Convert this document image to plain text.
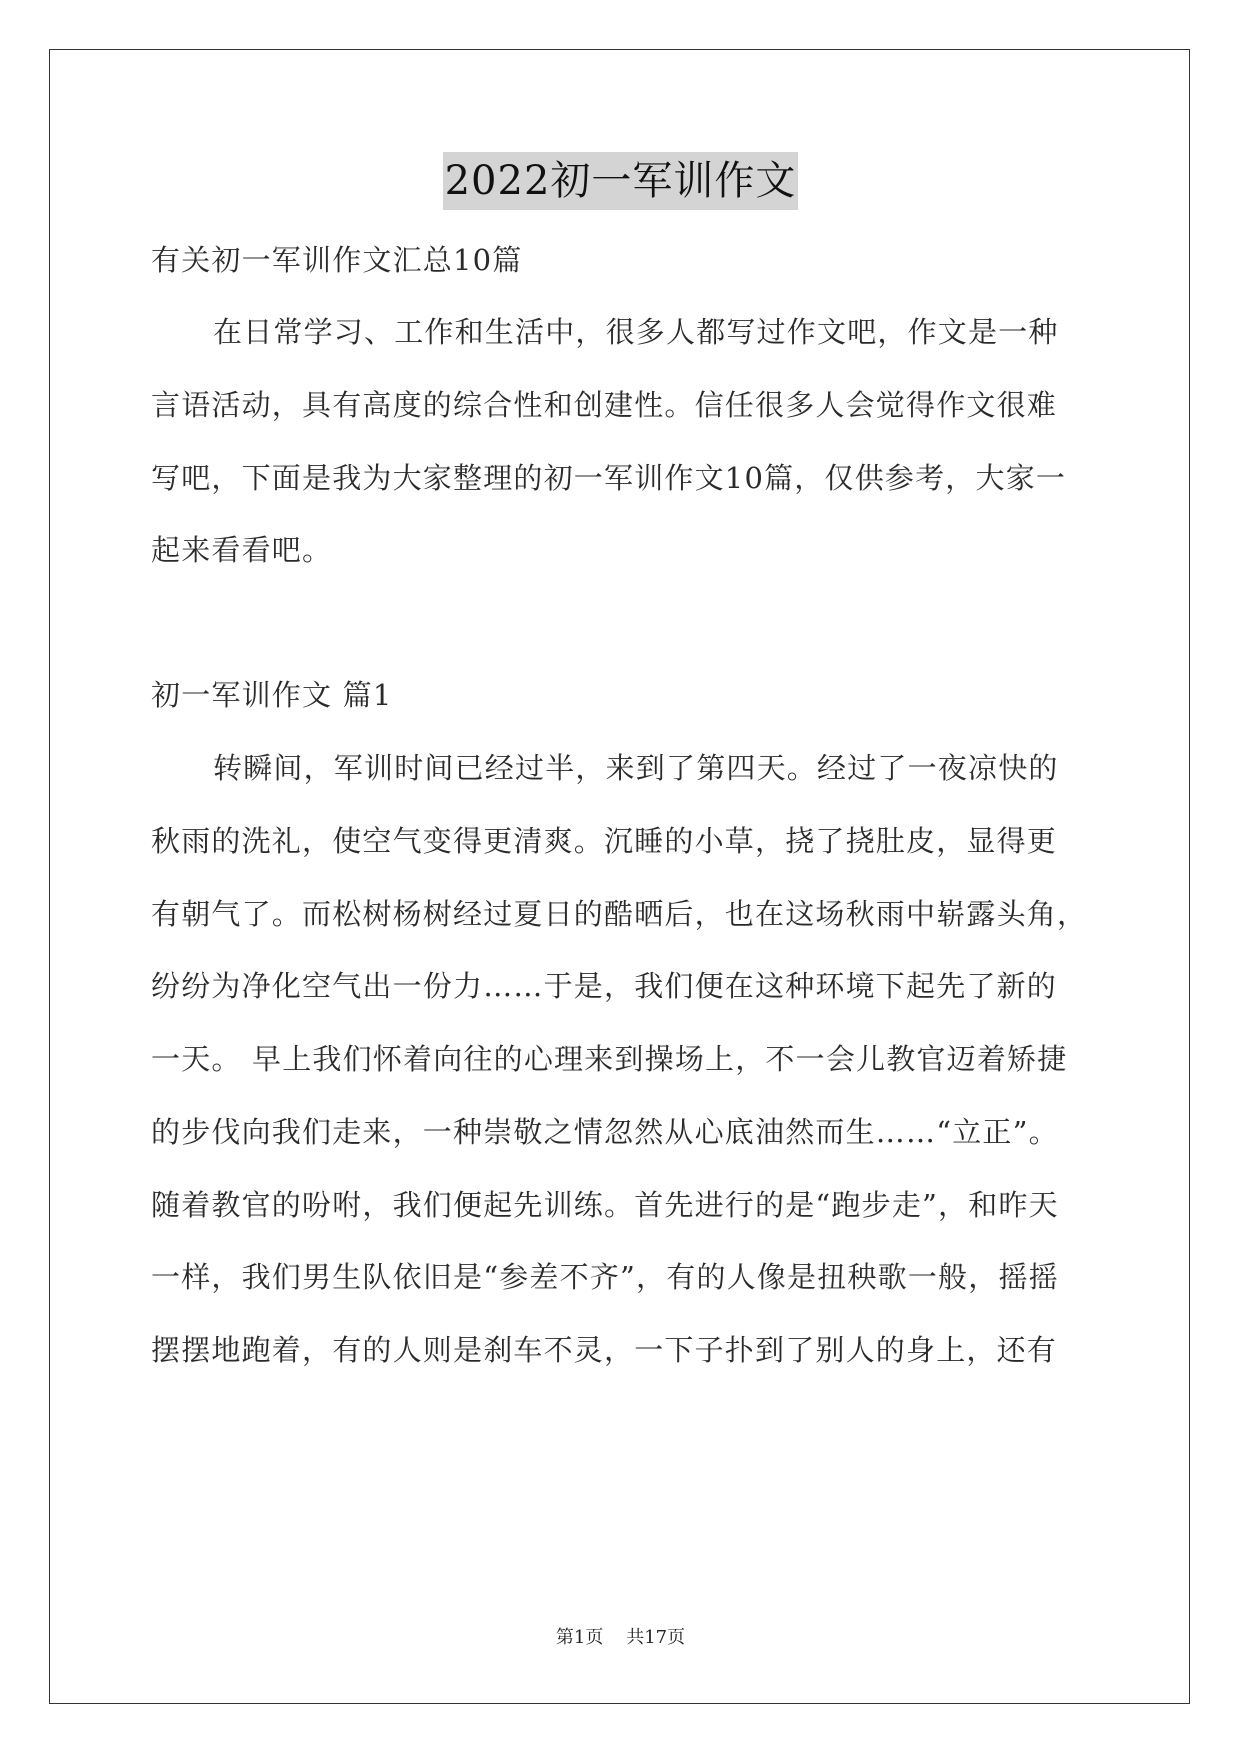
2022初一军训作文
有关初一军训作文汇总10篇
在日常学习、工作和生活中，很多人都写过作文吧，作文是一种
言语活动，具有高度的综合性和创建性。信任很多人会觉得作文很难
写吧，下面是我为大家整理的初一军训作文10篇，仅供参考，大家一
起来看看吧。
初一军训作文 篇1
转瞬间，军训时间已经过半，来到了第四天。经过了一夜凉快的
秋雨的洗礼，使空气变得更清爽。沉睡的小草，挠了挠肚皮，显得更
有朝气了。而松树杨树经过夏日的酷晒后，也在这场秋雨中崭露头角，
纷纷为净化空气出一份力……于是，我们便在这种环境下起先了新的
一天。 早上我们怀着向往的心理来到操场上，不一会儿教官迈着矫捷
的步伐向我们走来，一种崇敬之情忽然从心底油然而生……“立正”。
随着教官的吩咐，我们便起先训练。首先进行的是“跑步走”，和昨天
一样，我们男生队依旧是“参差不齐”，有的人像是扭秧歌一般，摇摇
摆摆地跑着，有的人则是刹车不灵，一下子扑到了别人的身上，还有
第1页    共17页
